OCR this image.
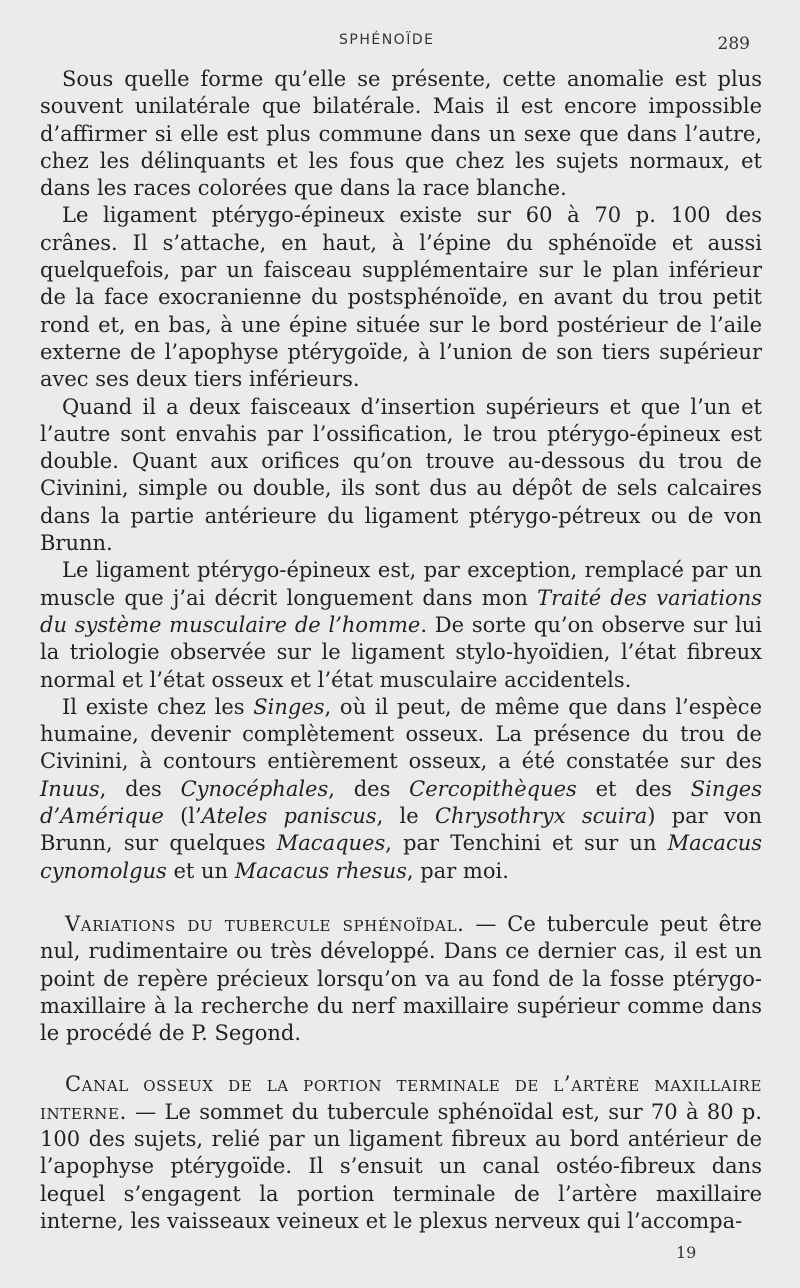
SPHÉNOÏDE	289

Sous quelle forme qu’elle se présente, cette anomalie est plus souvent unilatérale que bilatérale. Mais il est encore impossible d’affirmer si elle est plus commune dans un sexe que dans l’autre, chez les délinquants et les fous que chez les sujets normaux, et dans les races colorées que dans la race blanche.

Le ligament ptérygo-épineux existe sur 60 à 70 p. 100 des crânes. Il s’attache, en haut, à l’épine du sphénoïde et aussi quelquefois, par un faisceau supplémentaire sur le plan inférieur de la face exocranienne du postsphénoïde, en avant du trou petit rond et, en bas, à une épine située sur le bord postérieur de l’aile externe de l’apophyse ptérygoïde, à l’union de son tiers supérieur avec ses deux tiers inférieurs.

Quand il a deux faisceaux d’insertion supérieurs et que l’un et l’autre sont envahis par l’ossification, le trou ptérygo-épineux est double. Quant aux orifices qu’on trouve au-dessous du trou de Civinini, simple ou double, ils sont dus au dépôt de sels calcaires dans la partie antérieure du ligament ptérygo-pétreux ou de von Brunn.

Le ligament ptérygo-épineux est, par exception, remplacé par un muscle que j’ai décrit longuement dans mon Traité des variations du système musculaire de l’homme. De sorte qu’on observe sur lui la triologie observée sur le ligament stylo-hyoïdien, l’état fibreux normal et l’état osseux et l’état musculaire accidentels.

Il existe chez les Singes, où il peut, de même que dans l’espèce humaine, devenir complètement osseux. La présence du trou de Civinini, à contours entièrement osseux, a été constatée sur des Inuus, des Cynocéphales, des Cercopithèques et des Singes d’Amérique (l’Ateles paniscus, le Chrysothryx scuira) par von Brunn, sur quelques Macaques, par Tenchini et sur un Macacus cynomolgus et un Macacus rhesus, par moi.

Variations du tubercule sphénoïdal. — Ce tubercule peut être nul, rudimentaire ou très développé. Dans ce dernier cas, il est un point de repère précieux lorsqu’on va au fond de la fosse ptérygo-maxillaire à la recherche du nerf maxillaire supérieur comme dans le procédé de P. Segond.

Canal osseux de la portion terminale de l’artère maxillaire interne. — Le sommet du tubercule sphénoïdal est, sur 70 à 80 p. 100 des sujets, relié par un ligament fibreux au bord antérieur de l’apophyse ptérygoïde. Il s’ensuit un canal ostéo-fibreux dans lequel s’engagent la portion terminale de l’artère maxillaire interne, les vaisseaux veineux et le plexus nerveux qui l’accompa-

19
